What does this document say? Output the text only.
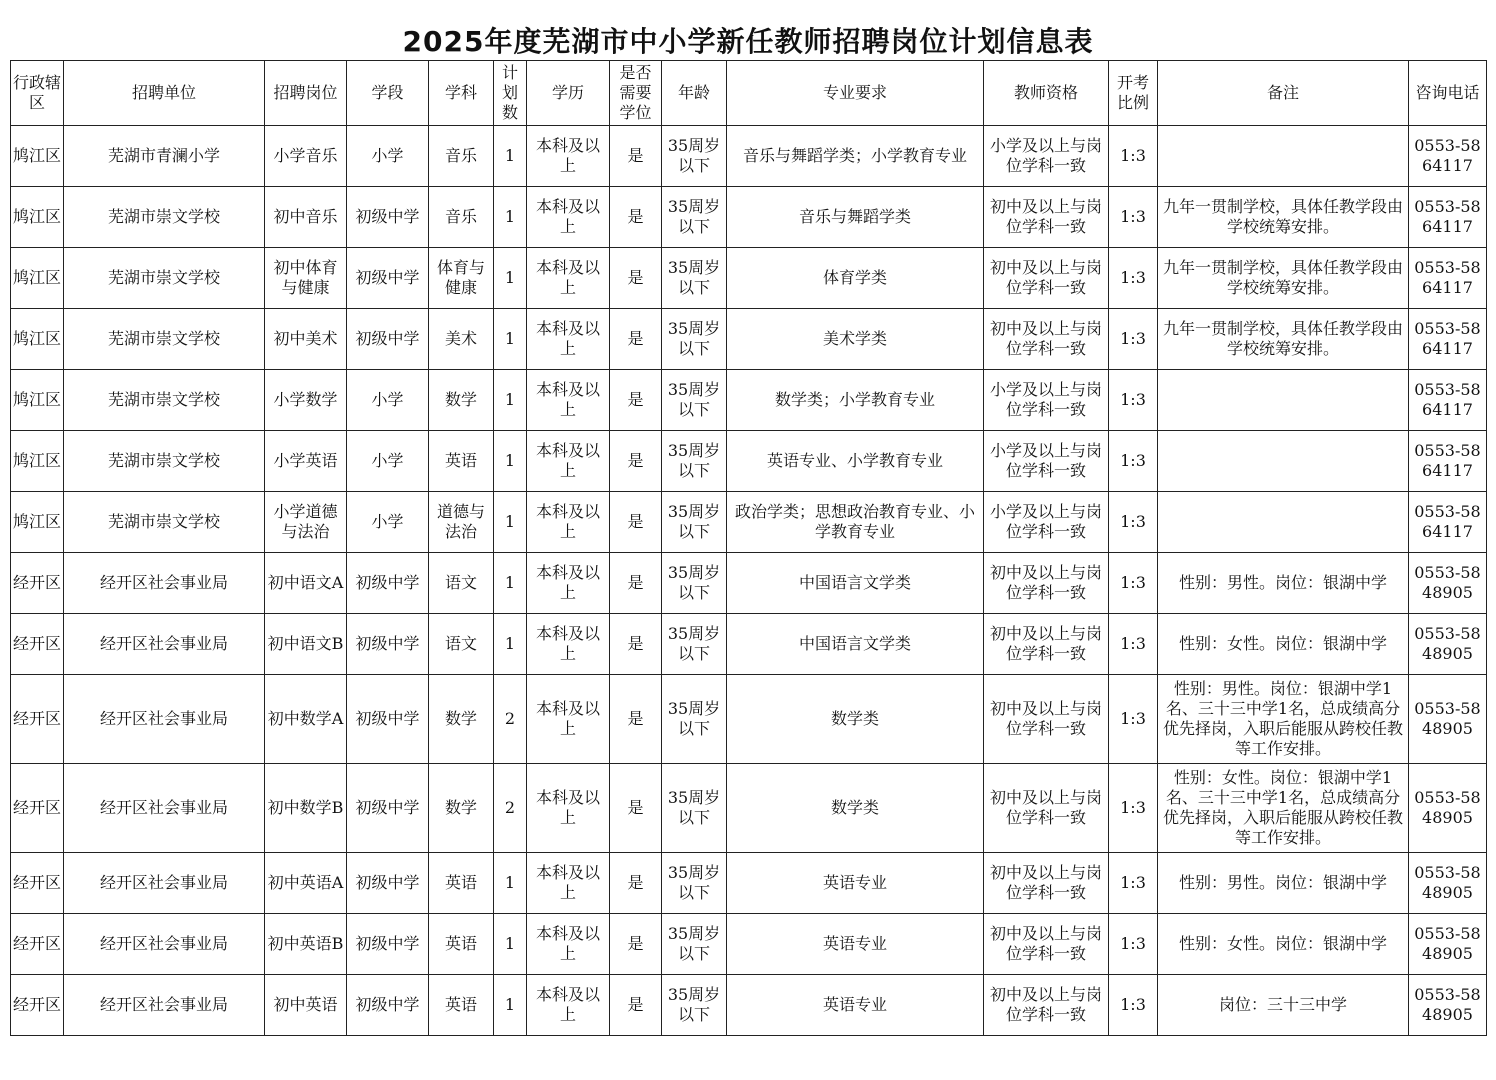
2025年度芜湖市中小学新任教师招聘岗位计划信息表
行政辖区	招聘单位	招聘岗位	学段	学科	计划数	学历	是否需要学位	年龄	专业要求	教师资格	开考比例	备注	咨询电话
鸠江区	芜湖市青澜小学	小学音乐	小学	音乐	1	本科及以上	是	35周岁以下	音乐与舞蹈学类；小学教育专业	小学及以上与岗位学科一致	1:3		0553-5864117
鸠江区	芜湖市崇文学校	初中音乐	初级中学	音乐	1	本科及以上	是	35周岁以下	音乐与舞蹈学类	初中及以上与岗位学科一致	1:3	九年一贯制学校，具体任教学段由学校统筹安排。	0553-5864117
鸠江区	芜湖市崇文学校	初中体育与健康	初级中学	体育与健康	1	本科及以上	是	35周岁以下	体育学类	初中及以上与岗位学科一致	1:3	九年一贯制学校，具体任教学段由学校统筹安排。	0553-5864117
鸠江区	芜湖市崇文学校	初中美术	初级中学	美术	1	本科及以上	是	35周岁以下	美术学类	初中及以上与岗位学科一致	1:3	九年一贯制学校，具体任教学段由学校统筹安排。	0553-5864117
鸠江区	芜湖市崇文学校	小学数学	小学	数学	1	本科及以上	是	35周岁以下	数学类；小学教育专业	小学及以上与岗位学科一致	1:3		0553-5864117
鸠江区	芜湖市崇文学校	小学英语	小学	英语	1	本科及以上	是	35周岁以下	英语专业、小学教育专业	小学及以上与岗位学科一致	1:3		0553-5864117
鸠江区	芜湖市崇文学校	小学道德与法治	小学	道德与法治	1	本科及以上	是	35周岁以下	政治学类；思想政治教育专业、小学教育专业	小学及以上与岗位学科一致	1:3		0553-5864117
经开区	经开区社会事业局	初中语文A	初级中学	语文	1	本科及以上	是	35周岁以下	中国语言文学类	初中及以上与岗位学科一致	1:3	性别：男性。岗位：银湖中学	0553-5848905
经开区	经开区社会事业局	初中语文B	初级中学	语文	1	本科及以上	是	35周岁以下	中国语言文学类	初中及以上与岗位学科一致	1:3	性别：女性。岗位：银湖中学	0553-5848905
经开区	经开区社会事业局	初中数学A	初级中学	数学	2	本科及以上	是	35周岁以下	数学类	初中及以上与岗位学科一致	1:3	性别：男性。岗位：银湖中学1名、三十三中学1名，总成绩高分优先择岗，入职后能服从跨校任教等工作安排。	0553-5848905
经开区	经开区社会事业局	初中数学B	初级中学	数学	2	本科及以上	是	35周岁以下	数学类	初中及以上与岗位学科一致	1:3	性别：女性。岗位：银湖中学1名、三十三中学1名，总成绩高分优先择岗，入职后能服从跨校任教等工作安排。	0553-5848905
经开区	经开区社会事业局	初中英语A	初级中学	英语	1	本科及以上	是	35周岁以下	英语专业	初中及以上与岗位学科一致	1:3	性别：男性。岗位：银湖中学	0553-5848905
经开区	经开区社会事业局	初中英语B	初级中学	英语	1	本科及以上	是	35周岁以下	英语专业	初中及以上与岗位学科一致	1:3	性别：女性。岗位：银湖中学	0553-5848905
经开区	经开区社会事业局	初中英语	初级中学	英语	1	本科及以上	是	35周岁以下	英语专业	初中及以上与岗位学科一致	1:3	岗位：三十三中学	0553-5848905
